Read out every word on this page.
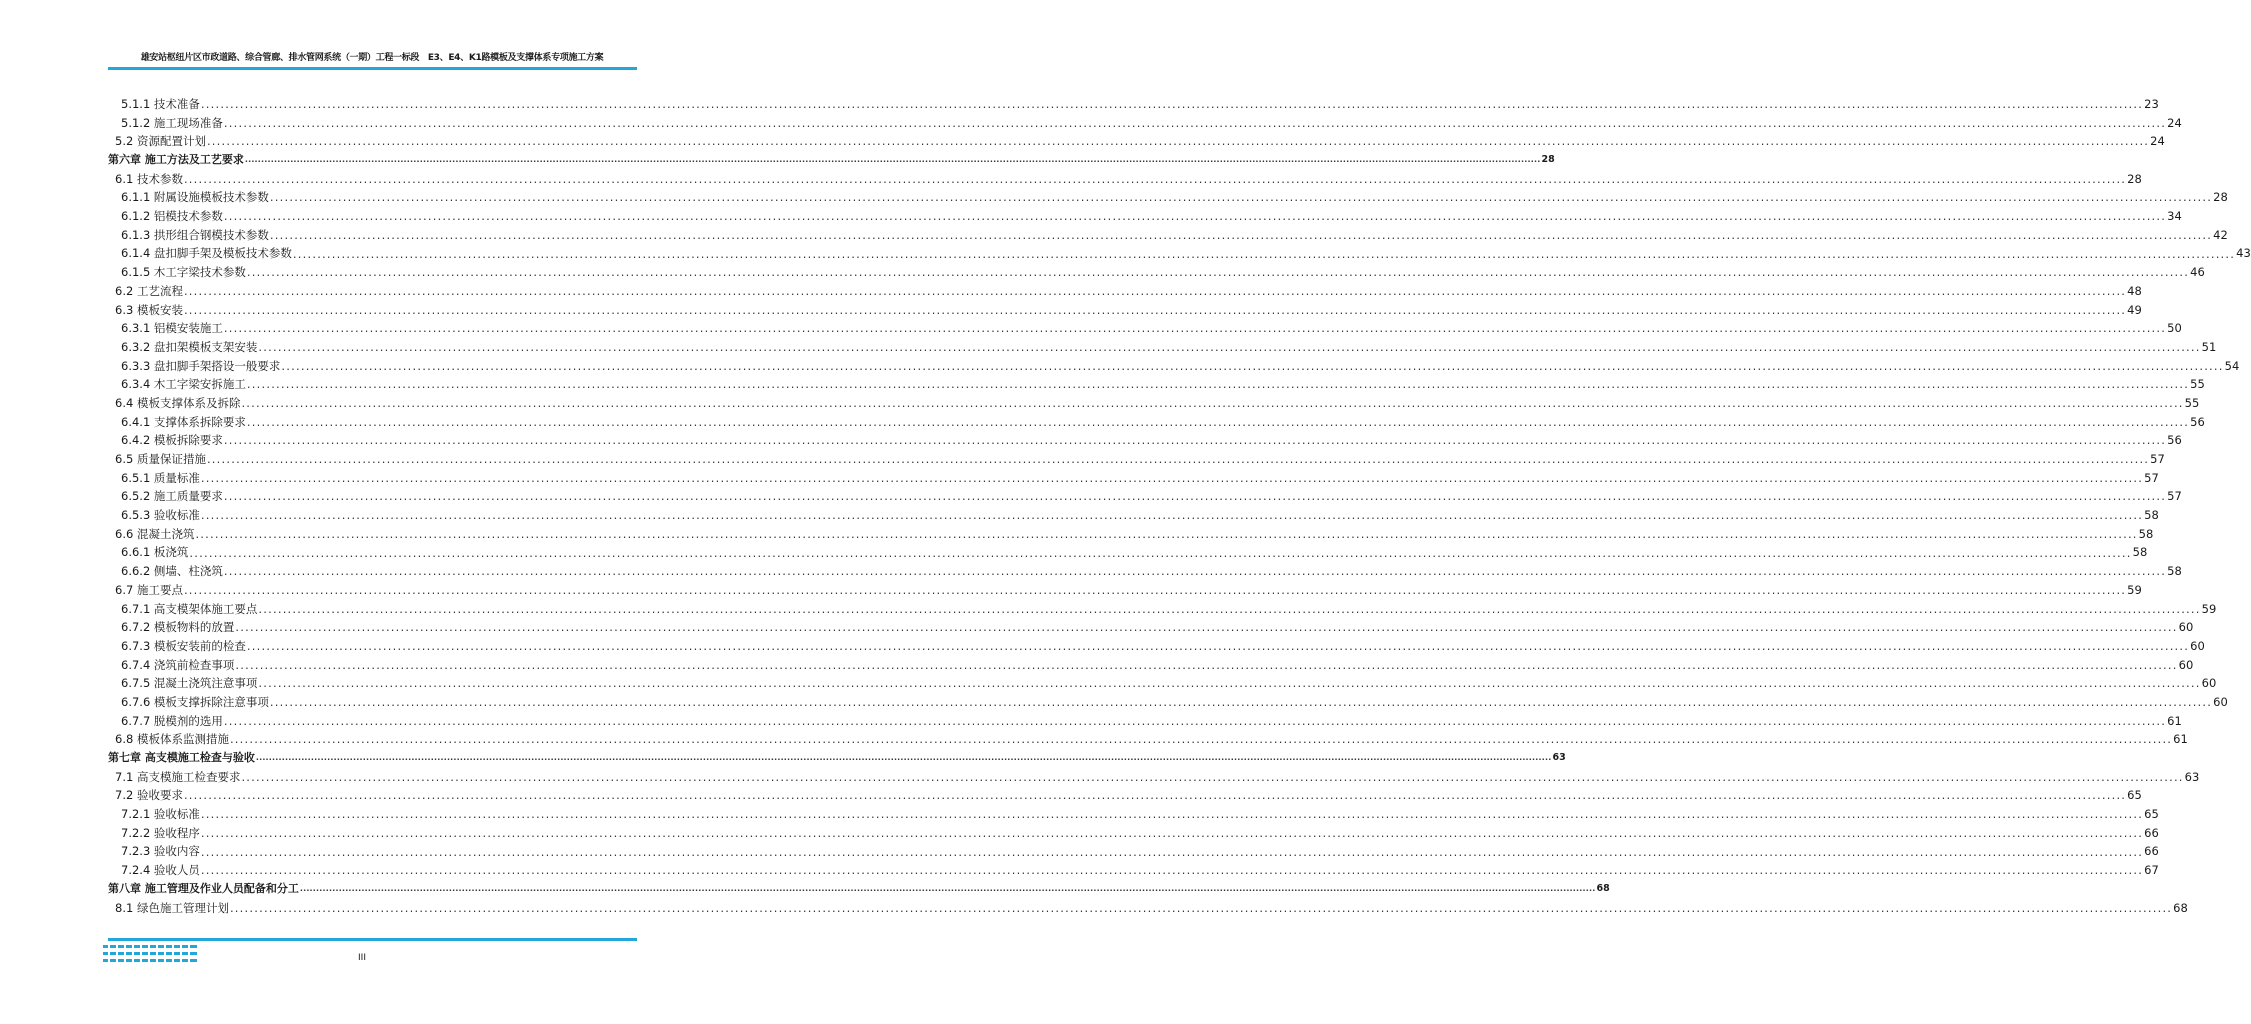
雄安站枢纽片区市政道路、综合管廊、排水管网系统（一期）工程一标段　E3、E4、K1路模板及支撑体系专项施工方案
5.1.1 技术准备 ................................................................................................................................................................................................................................................................................................................................................................................................................ 23
5.1.2 施工现场准备 ................................................................................................................................................................................................................................................................................................................................................................................................................ 24
5.2 资源配置计划 ................................................................................................................................................................................................................................................................................................................................................................................................................ 24
第六章 施工方法及工艺要求 ................................................................................................................................................................................................................................................................................................................................................................................................................ 28
6.1 技术参数 ................................................................................................................................................................................................................................................................................................................................................................................................................ 28
6.1.1 附属设施模板技术参数 ................................................................................................................................................................................................................................................................................................................................................................................................................ 28
6.1.2 铝模技术参数 ................................................................................................................................................................................................................................................................................................................................................................................................................ 34
6.1.3 拱形组合钢模技术参数 ................................................................................................................................................................................................................................................................................................................................................................................................................ 42
6.1.4 盘扣脚手架及模板技术参数 ................................................................................................................................................................................................................................................................................................................................................................................................................ 43
6.1.5 木工字梁技术参数 ................................................................................................................................................................................................................................................................................................................................................................................................................ 46
6.2 工艺流程 ................................................................................................................................................................................................................................................................................................................................................................................................................ 48
6.3 模板安装 ................................................................................................................................................................................................................................................................................................................................................................................................................ 49
6.3.1 铝模安装施工 ................................................................................................................................................................................................................................................................................................................................................................................................................ 50
6.3.2 盘扣架模板支架安装 ................................................................................................................................................................................................................................................................................................................................................................................................................ 51
6.3.3 盘扣脚手架搭设一般要求 ................................................................................................................................................................................................................................................................................................................................................................................................................ 54
6.3.4 木工字梁安拆施工 ................................................................................................................................................................................................................................................................................................................................................................................................................ 55
6.4 模板支撑体系及拆除 ................................................................................................................................................................................................................................................................................................................................................................................................................ 55
6.4.1 支撑体系拆除要求 ................................................................................................................................................................................................................................................................................................................................................................................................................ 56
6.4.2 模板拆除要求 ................................................................................................................................................................................................................................................................................................................................................................................................................ 56
6.5 质量保证措施 ................................................................................................................................................................................................................................................................................................................................................................................................................ 57
6.5.1 质量标准 ................................................................................................................................................................................................................................................................................................................................................................................................................ 57
6.5.2 施工质量要求 ................................................................................................................................................................................................................................................................................................................................................................................................................ 57
6.5.3 验收标准 ................................................................................................................................................................................................................................................................................................................................................................................................................ 58
6.6 混凝土浇筑 ................................................................................................................................................................................................................................................................................................................................................................................................................ 58
6.6.1 板浇筑 ................................................................................................................................................................................................................................................................................................................................................................................................................ 58
6.6.2 侧墙、柱浇筑 ................................................................................................................................................................................................................................................................................................................................................................................................................ 58
6.7 施工要点 ................................................................................................................................................................................................................................................................................................................................................................................................................ 59
6.7.1 高支模架体施工要点 ................................................................................................................................................................................................................................................................................................................................................................................................................ 59
6.7.2 模板物料的放置 ................................................................................................................................................................................................................................................................................................................................................................................................................ 60
6.7.3 模板安装前的检查 ................................................................................................................................................................................................................................................................................................................................................................................................................ 60
6.7.4 浇筑前检查事项 ................................................................................................................................................................................................................................................................................................................................................................................................................ 60
6.7.5 混凝土浇筑注意事项 ................................................................................................................................................................................................................................................................................................................................................................................................................ 60
6.7.6 模板支撑拆除注意事项 ................................................................................................................................................................................................................................................................................................................................................................................................................ 60
6.7.7 脱模剂的选用 ................................................................................................................................................................................................................................................................................................................................................................................................................ 61
6.8 模板体系监测措施 ................................................................................................................................................................................................................................................................................................................................................................................................................ 61
第七章 高支模施工检查与验收 ................................................................................................................................................................................................................................................................................................................................................................................................................ 63
7.1 高支模施工检查要求 ................................................................................................................................................................................................................................................................................................................................................................................................................ 63
7.2 验收要求 ................................................................................................................................................................................................................................................................................................................................................................................................................ 65
7.2.1 验收标准 ................................................................................................................................................................................................................................................................................................................................................................................................................ 65
7.2.2 验收程序 ................................................................................................................................................................................................................................................................................................................................................................................................................ 66
7.2.3 验收内容 ................................................................................................................................................................................................................................................................................................................................................................................................................ 66
7.2.4 验收人员 ................................................................................................................................................................................................................................................................................................................................................................................................................ 67
第八章 施工管理及作业人员配备和分工 ................................................................................................................................................................................................................................................................................................................................................................................................................ 68
8.1 绿色施工管理计划 ................................................................................................................................................................................................................................................................................................................................................................................................................ 68
III
